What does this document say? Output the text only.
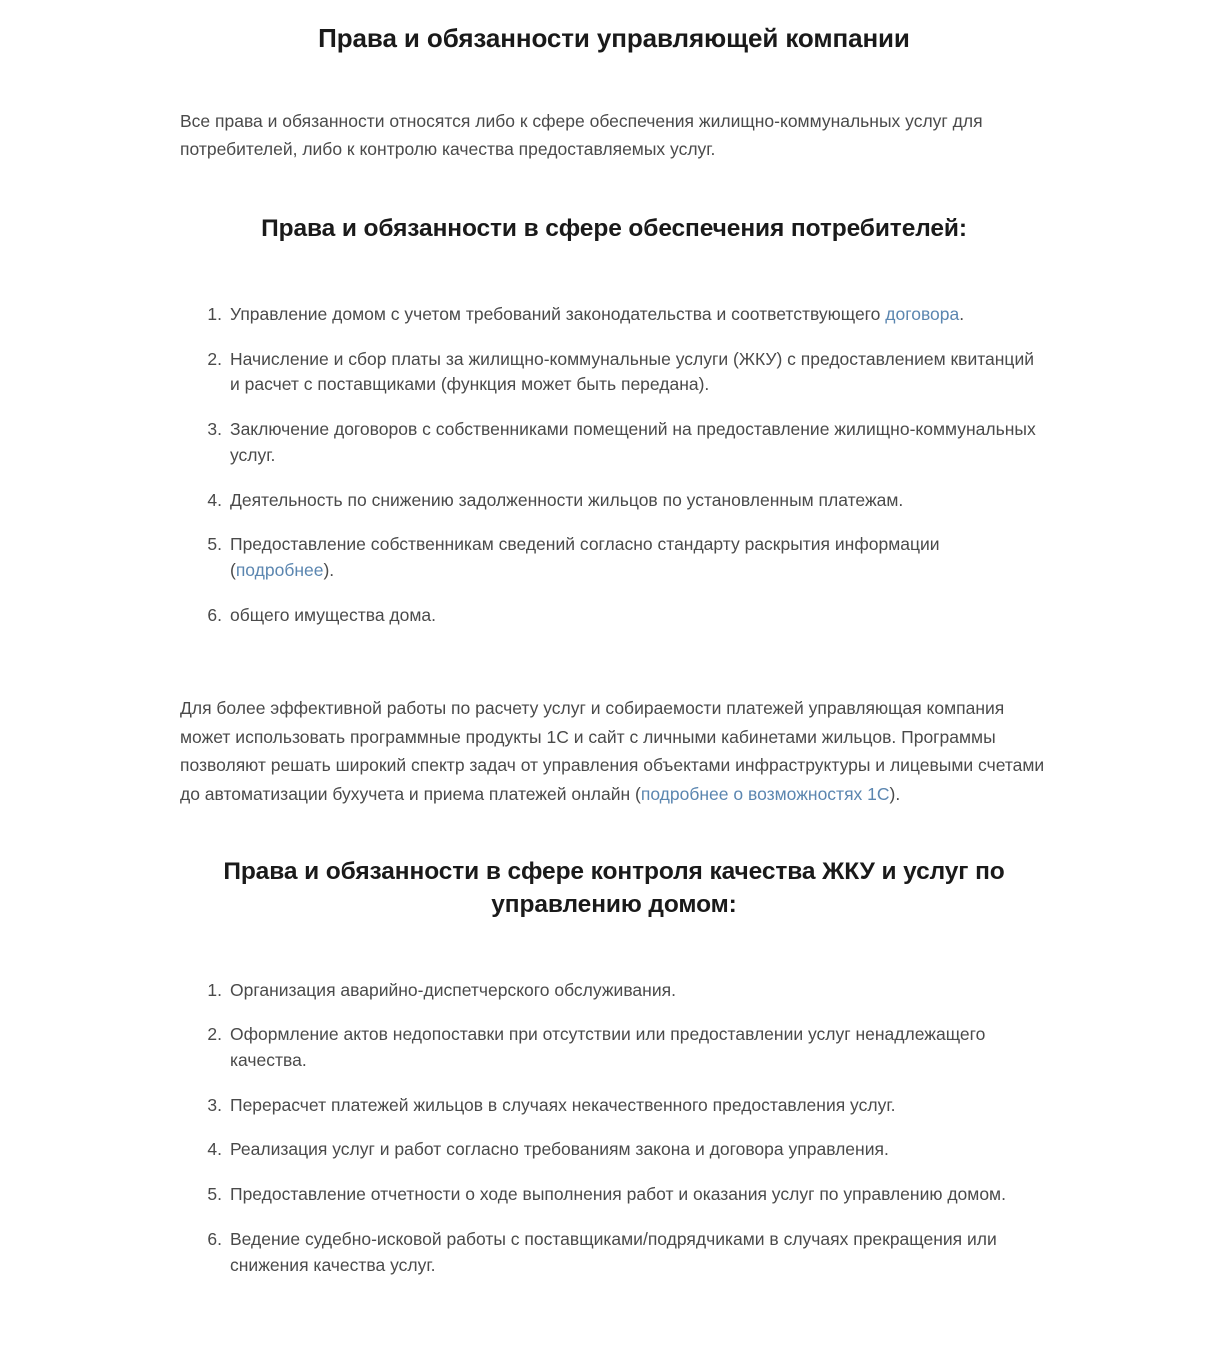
Права и обязанности управляющей компании

Все права и обязанности относятся либо к сфере обеспечения жилищно-коммунальных услуг для потребителей, либо к контролю качества предоставляемых услуг.

Права и обязанности в сфере обеспечения потребителей:
1. Управление домом с учетом требований законодательства и соответствующего договора.
2. Начисление и сбор платы за жилищно-коммунальные услуги (ЖКУ) с предоставлением квитанций и расчет с поставщиками (функция может быть передана).
3. Заключение договоров с собственниками помещений на предоставление жилищно-коммунальных услуг.
4. Деятельность по снижению задолженности жильцов по установленным платежам.
5. Предоставление собственникам сведений согласно стандарту раскрытия информации (подробнее).
6. общего имущества дома.

Для более эффективной работы по расчету услуг и собираемости платежей управляющая компания может использовать программные продукты 1С и сайт с личными кабинетами жильцов. Программы позволяют решать широкий спектр задач от управления объектами инфраструктуры и лицевыми счетами до автоматизации бухучета и приема платежей онлайн (подробнее о возможностях 1С).

Права и обязанности в сфере контроля качества ЖКУ и услуг по управлению домом:
1. Организация аварийно-диспетчерского обслуживания.
2. Оформление актов недопоставки при отсутствии или предоставлении услуг ненадлежащего качества.
3. Перерасчет платежей жильцов в случаях некачественного предоставления услуг.
4. Реализация услуг и работ согласно требованиям закона и договора управления.
5. Предоставление отчетности о ходе выполнения работ и оказания услуг по управлению домом.
6. Ведение судебно-исковой работы с поставщиками/подрядчиками в случаях прекращения или снижения качества услуг.
